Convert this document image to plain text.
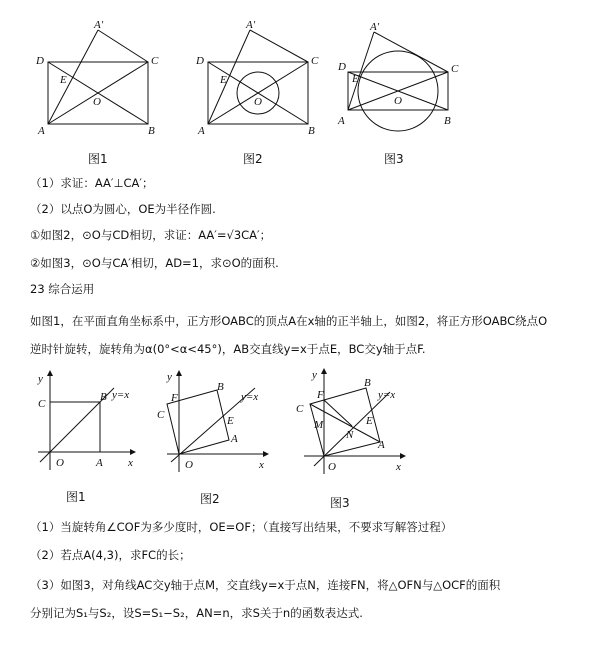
A′
D	C
E
O
A	B
A′
D	C
E
O
A	B
A′
D	C
E
O
A	B
图1	图2	图3
（1）求证：AA′⊥CA′；
（2）以点O为圆心，OE为半径作圆.
①如图2，⊙O与CD相切，求证：AA′=√3CA′；
②如图3，⊙O与CA′相切，AD=1，求⊙O的面积.
23 综合运用
如图1，在平面直角坐标系中，正方形OABC的顶点A在x轴的正半轴上，如图2，将正方形OABC绕点O
逆时针旋转，旋转角为α(0°<α<45°)，AB交直线y=x于点E，BC交y轴于点F.
y
C
B y=x
O	A x
y
F
C
B
y=x
E
A
O	x
y
F
C
B
y=x
M
N
E
A
O	x
图1	图2	图3
（1）当旋转角∠COF为多少度时，OE=OF；（直接写出结果，不要求写解答过程）
（2）若点A(4,3)，求FC的长；
（3）如图3，对角线AC交y轴于点M，交直线y=x于点N，连接FN，将△OFN与△OCF的面积
分别记为S₁与S₂，设S=S₁−S₂，AN=n，求S关于n的函数表达式.
